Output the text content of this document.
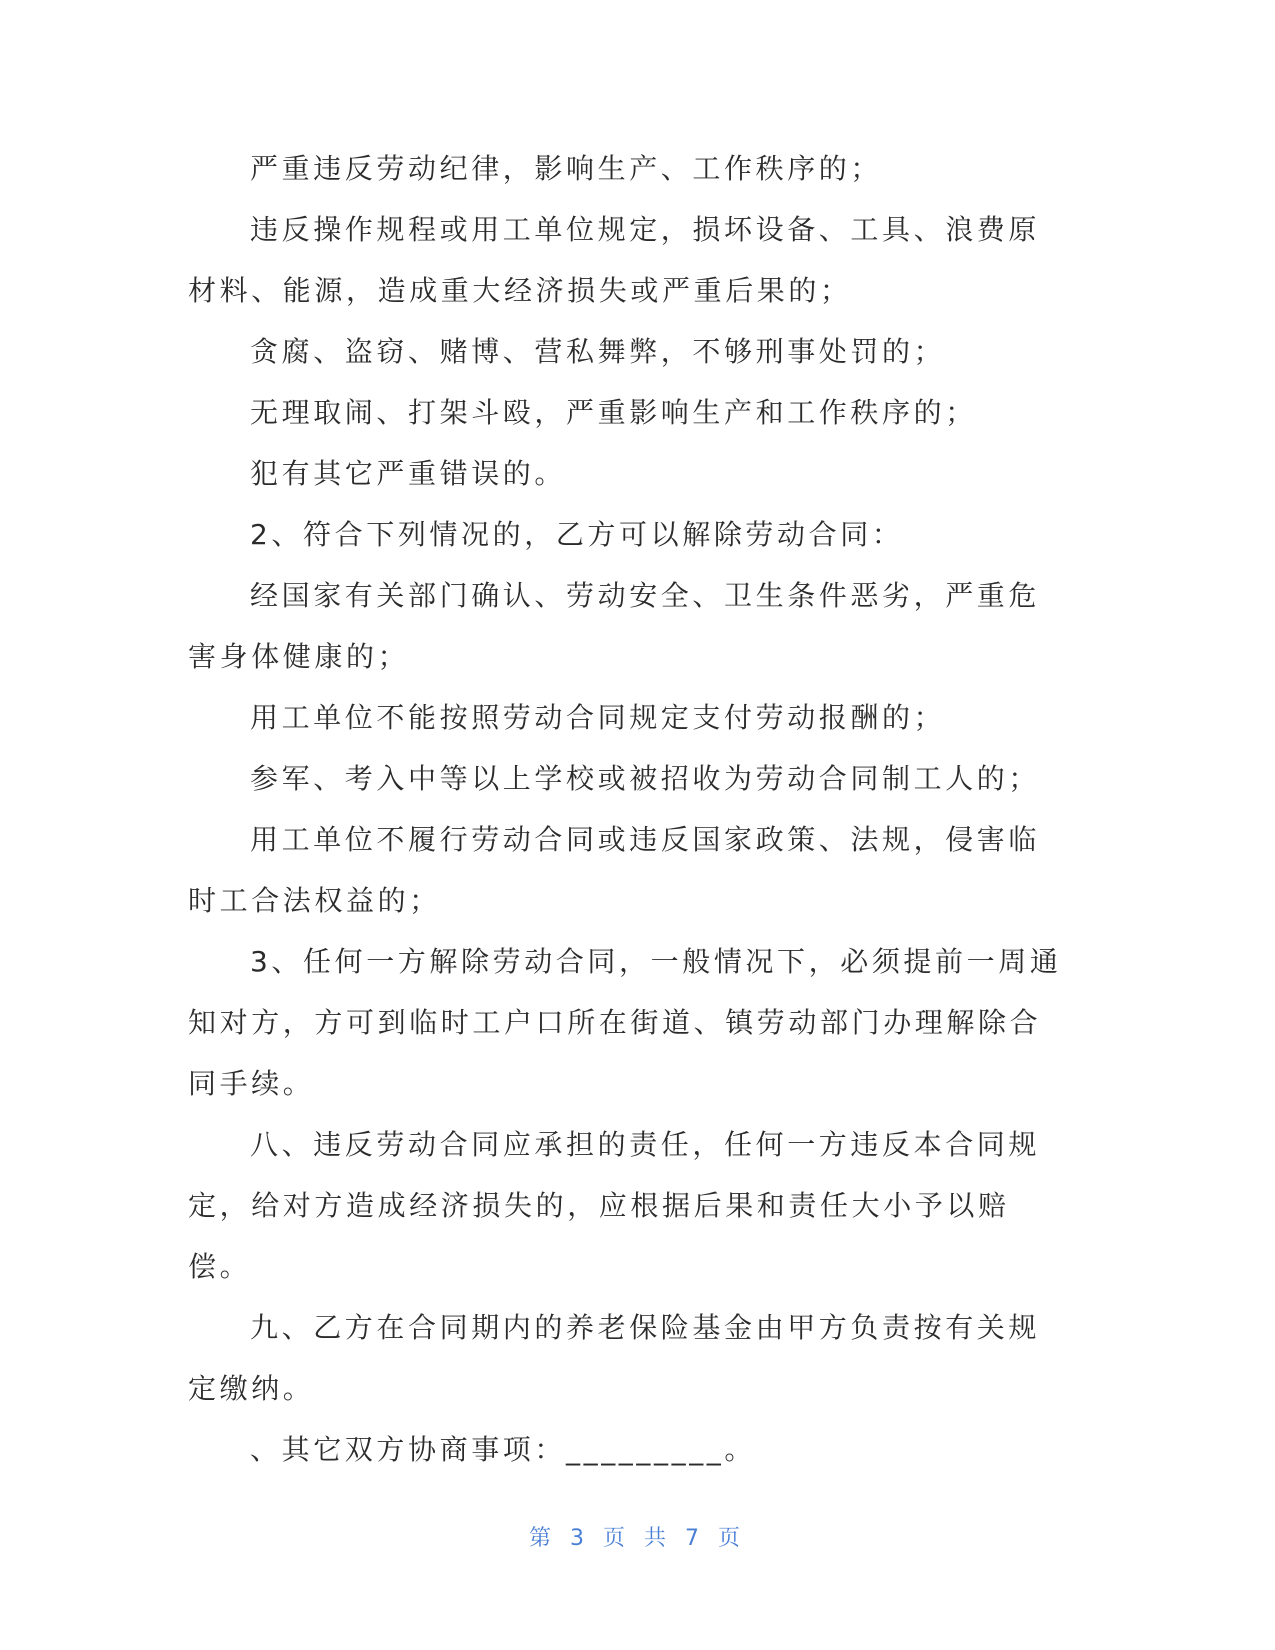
严重违反劳动纪律，影响生产、工作秩序的；

违反操作规程或用工单位规定，损坏设备、工具、浪费原材料、能源，造成重大经济损失或严重后果的；

贪腐、盗窃、赌博、营私舞弊，不够刑事处罚的；

无理取闹、打架斗殴，严重影响生产和工作秩序的；

犯有其它严重错误的。

2、符合下列情况的，乙方可以解除劳动合同：

经国家有关部门确认、劳动安全、卫生条件恶劣，严重危害身体健康的；

用工单位不能按照劳动合同规定支付劳动报酬的；

参军、考入中等以上学校或被招收为劳动合同制工人的；

用工单位不履行劳动合同或违反国家政策、法规，侵害临时工合法权益的；

3、任何一方解除劳动合同，一般情况下，必须提前一周通知对方，方可到临时工户口所在街道、镇劳动部门办理解除合同手续。

八、违反劳动合同应承担的责任，任何一方违反本合同规定，给对方造成经济损失的，应根据后果和责任大小予以赔偿。

九、乙方在合同期内的养老保险基金由甲方负责按有关规定缴纳。

、其它双方协商事项：_________。

第 3 页 共 7 页
